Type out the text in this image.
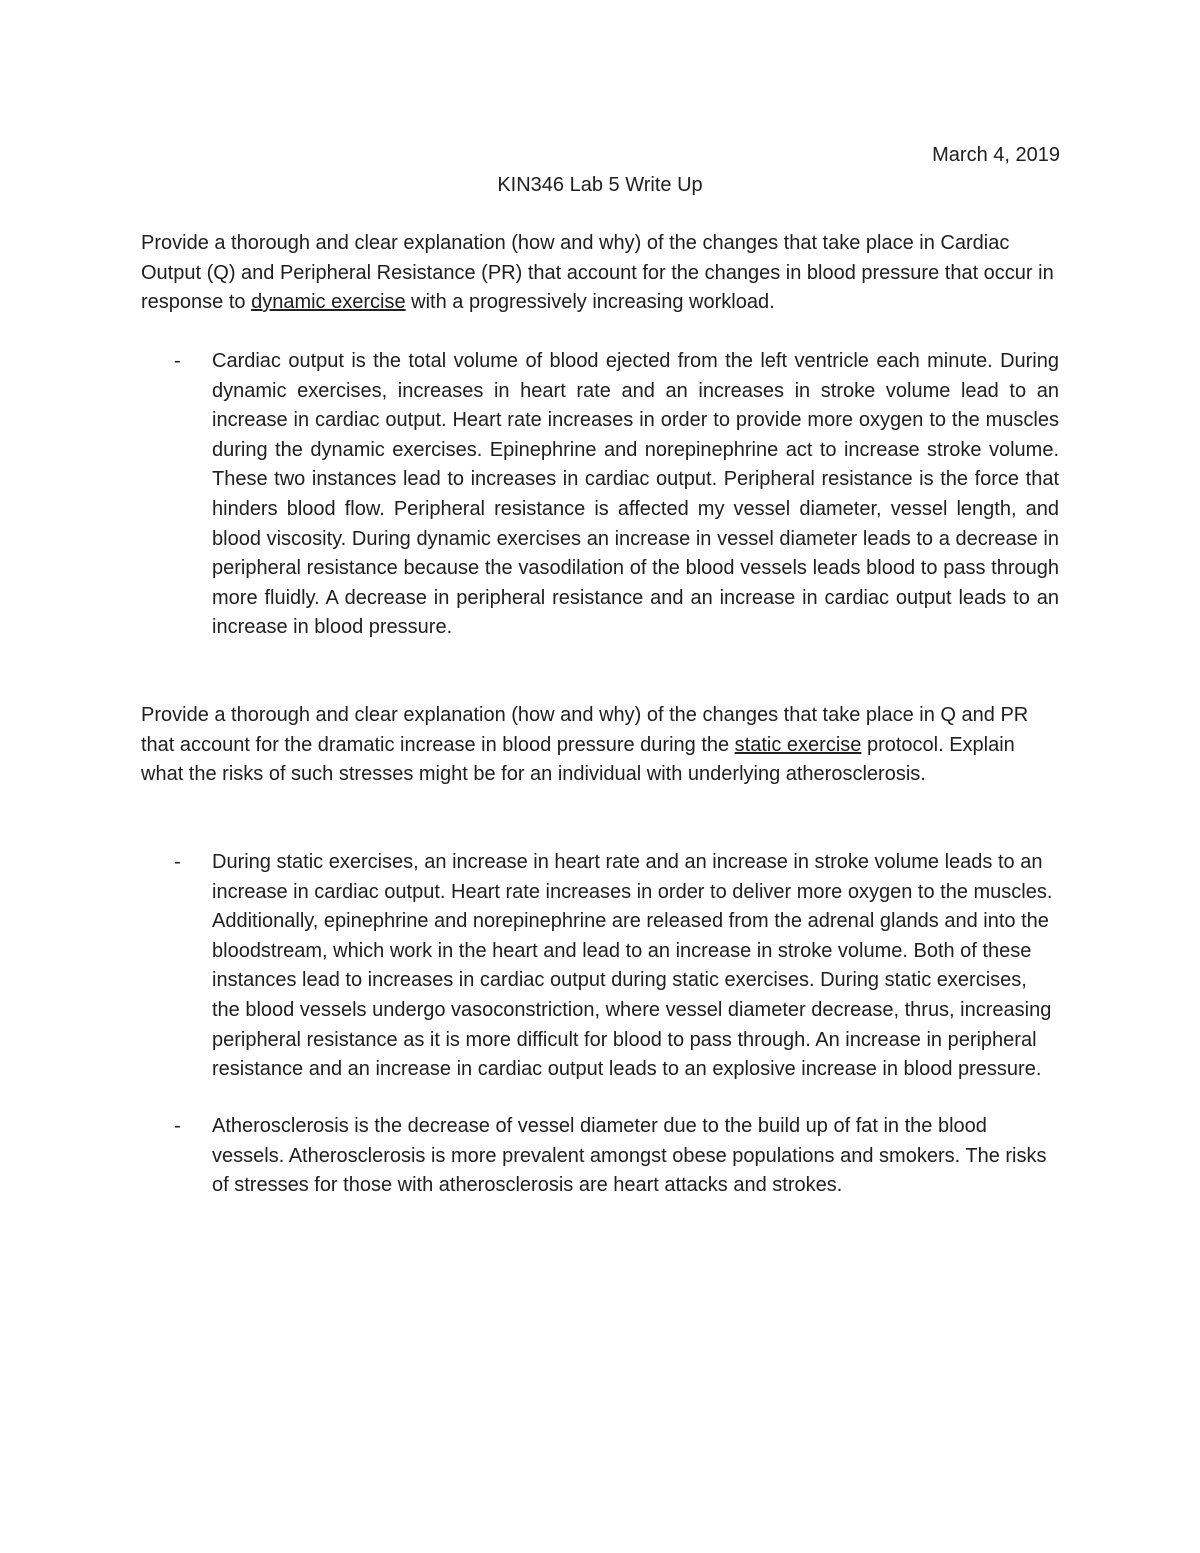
March 4, 2019
KIN346 Lab 5 Write Up
Provide a thorough and clear explanation (how and why) of the changes that take place in Cardiac Output (Q) and Peripheral Resistance (PR) that account for the changes in blood pressure that occur in response to dynamic exercise with a progressively increasing workload.
- Cardiac output is the total volume of blood ejected from the left ventricle each minute. During dynamic exercises, increases in heart rate and an increases in stroke volume lead to an increase in cardiac output. Heart rate increases in order to provide more oxygen to the muscles during the dynamic exercises. Epinephrine and norepinephrine act to increase stroke volume. These two instances lead to increases in cardiac output. Peripheral resistance is the force that hinders blood flow. Peripheral resistance is affected my vessel diameter, vessel length, and blood viscosity. During dynamic exercises an increase in vessel diameter leads to a decrease in peripheral resistance because the vasodilation of the blood vessels leads blood to pass through more fluidly. A decrease in peripheral resistance and an increase in cardiac output leads to an increase in blood pressure.
Provide a thorough and clear explanation (how and why) of the changes that take place in Q and PR that account for the dramatic increase in blood pressure during the static exercise protocol. Explain what the risks of such stresses might be for an individual with underlying atherosclerosis.
- During static exercises, an increase in heart rate and an increase in stroke volume leads to an increase in cardiac output. Heart rate increases in order to deliver more oxygen to the muscles. Additionally, epinephrine and norepinephrine are released from the adrenal glands and into the bloodstream, which work in the heart and lead to an increase in stroke volume. Both of these instances lead to increases in cardiac output during static exercises. During static exercises, the blood vessels undergo vasoconstriction, where vessel diameter decrease, thrus, increasing peripheral resistance as it is more difficult for blood to pass through. An increase in peripheral resistance and an increase in cardiac output leads to an explosive increase in blood pressure.
- Atherosclerosis is the decrease of vessel diameter due to the build up of fat in the blood vessels. Atherosclerosis is more prevalent amongst obese populations and smokers. The risks of stresses for those with atherosclerosis are heart attacks and strokes.
